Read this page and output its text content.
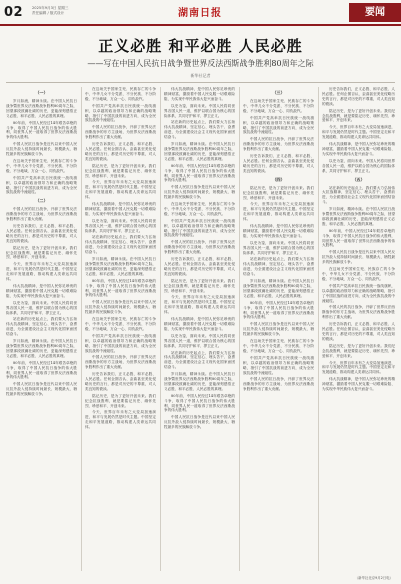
02 2025年9月3日 星期三
责任编辑 / 版式设计	湖南日报	要闻
正义必胜 和平必胜 人民必胜
——写在中国人民抗日战争暨世界反法西斯战争胜利80周年之际
新华社记者

（一）

岁月如流，精神永续。在中国人民抗日战争暨世界反法西斯战争胜利80周年之际，回望那段波澜壮阔的历史，更能深刻感悟正义必胜、和平必胜、人民必胜的真理。

80年前，中国人民经过14年艰苦卓绝的斗争，取得了中国人民抗日战争的伟大胜利，同世界人民一道取得了世界反法西斯战争的伟大胜利。

中国人民抗日战争是近代以来中国人民反抗外敌入侵持续时间最长、规模最大、牺牲最多的民族解放斗争。

在这场关乎国家生死、民族存亡的斗争中，中华儿女不分党派、不分民族、不分阶级、不分地域，万众一心、同仇敌忾。

中国共产党高举抗日民族统一战线旗帜，以卓越的政治领导力和正确的战略策略，指引了中国抗战的前进方向，成为全民族抗战的中流砥柱。

（二）

中国人民的抗日战争，开辟了世界反法西斯战争的东方主战场，为世界反法西斯战争胜利作出了重大贡献。

历史告诉我们，正义必胜、和平必胜、人民必胜。任何企图否认、歪曲甚至美化侵略历史的言行，都是对历史的不尊重，对人类良知的亵渎。

铭记历史，是为了更好开创未来。我们纪念抗战胜利，就是要铭记历史、缅怀先烈、珍爱和平、开创未来。

今天，世界百年未有之大变局加速演进，和平与发展仍然是时代主题。中国坚定走和平发展道路，推动构建人类命运共同体。

伟大抗战精神，是中国人民弥足珍贵的精神财富，激励着中国人民克服一切艰难险阻、为实现中华民族伟大复兴而奋斗。

以史为鉴，面向未来。中国人民将同世界各国人民一道，维护以联合国为核心的国际体系，共同守护和平、捍卫正义。

站在新的历史起点上，我们要大力弘扬伟大抗战精神，坚定信心、埋头苦干、奋勇前进，为全面建设社会主义现代化国家而团结奋斗。

岁月如流，精神永续。在中国人民抗日战争暨世界反法西斯战争胜利80周年之际，回望那段波澜壮阔的历史，更能深刻感悟正义必胜、和平必胜、人民必胜的真理。

80年前，中国人民经过14年艰苦卓绝的斗争，取得了中国人民抗日战争的伟大胜利，同世界人民一道取得了世界反法西斯战争的伟大胜利。

中国人民抗日战争是近代以来中国人民反抗外敌入侵持续时间最长、规模最大、牺牲最多的民族解放斗争。

在这场关乎国家生死、民族存亡的斗争中，中华儿女不分党派、不分民族、不分阶级、不分地域，万众一心、同仇敌忾。

中国共产党高举抗日民族统一战线旗帜，以卓越的政治领导力和正确的战略策略，指引了中国抗战的前进方向，成为全民族抗战的中流砥柱。

中国人民的抗日战争，开辟了世界反法西斯战争的东方主战场，为世界反法西斯战争胜利作出了重大贡献。

历史告诉我们，正义必胜、和平必胜、人民必胜。任何企图否认、歪曲甚至美化侵略历史的言行，都是对历史的不尊重，对人类良知的亵渎。

铭记历史，是为了更好开创未来。我们纪念抗战胜利，就是要铭记历史、缅怀先烈、珍爱和平、开创未来。

今天，世界百年未有之大变局加速演进，和平与发展仍然是时代主题。中国坚定走和平发展道路，推动构建人类命运共同体。

伟大抗战精神，是中国人民弥足珍贵的精神财富，激励着中国人民克服一切艰难险阻、为实现中华民族伟大复兴而奋斗。

以史为鉴，面向未来。中国人民将同世界各国人民一道，维护以联合国为核心的国际体系，共同守护和平、捍卫正义。

站在新的历史起点上，我们要大力弘扬伟大抗战精神，坚定信心、埋头苦干、奋勇前进，为全面建设社会主义现代化国家而团结奋斗。

岁月如流，精神永续。在中国人民抗日战争暨世界反法西斯战争胜利80周年之际，回望那段波澜壮阔的历史，更能深刻感悟正义必胜、和平必胜、人民必胜的真理。

80年前，中国人民经过14年艰苦卓绝的斗争，取得了中国人民抗日战争的伟大胜利，同世界人民一道取得了世界反法西斯战争的伟大胜利。

中国人民抗日战争是近代以来中国人民反抗外敌入侵持续时间最长、规模最大、牺牲最多的民族解放斗争。

在这场关乎国家生死、民族存亡的斗争中，中华儿女不分党派、不分民族、不分阶级、不分地域，万众一心、同仇敌忾。

中国共产党高举抗日民族统一战线旗帜，以卓越的政治领导力和正确的战略策略，指引了中国抗战的前进方向，成为全民族抗战的中流砥柱。

中国人民的抗日战争，开辟了世界反法西斯战争的东方主战场，为世界反法西斯战争胜利作出了重大贡献。

历史告诉我们，正义必胜、和平必胜、人民必胜。任何企图否认、歪曲甚至美化侵略历史的言行，都是对历史的不尊重，对人类良知的亵渎。

铭记历史，是为了更好开创未来。我们纪念抗战胜利，就是要铭记历史、缅怀先烈、珍爱和平、开创未来。

今天，世界百年未有之大变局加速演进，和平与发展仍然是时代主题。中国坚定走和平发展道路，推动构建人类命运共同体。

伟大抗战精神，是中国人民弥足珍贵的精神财富，激励着中国人民克服一切艰难险阻、为实现中华民族伟大复兴而奋斗。

以史为鉴，面向未来。中国人民将同世界各国人民一道，维护以联合国为核心的国际体系，共同守护和平、捍卫正义。

站在新的历史起点上，我们要大力弘扬伟大抗战精神，坚定信心、埋头苦干、奋勇前进，为全面建设社会主义现代化国家而团结奋斗。

岁月如流，精神永续。在中国人民抗日战争暨世界反法西斯战争胜利80周年之际，回望那段波澜壮阔的历史，更能深刻感悟正义必胜、和平必胜、人民必胜的真理。

80年前，中国人民经过14年艰苦卓绝的斗争，取得了中国人民抗日战争的伟大胜利，同世界人民一道取得了世界反法西斯战争的伟大胜利。

中国人民抗日战争是近代以来中国人民反抗外敌入侵持续时间最长、规模最大、牺牲最多的民族解放斗争。

在这场关乎国家生死、民族存亡的斗争中，中华儿女不分党派、不分民族、不分阶级、不分地域，万众一心、同仇敌忾。

中国共产党高举抗日民族统一战线旗帜，以卓越的政治领导力和正确的战略策略，指引了中国抗战的前进方向，成为全民族抗战的中流砥柱。

中国人民的抗日战争，开辟了世界反法西斯战争的东方主战场，为世界反法西斯战争胜利作出了重大贡献。

历史告诉我们，正义必胜、和平必胜、人民必胜。任何企图否认、歪曲甚至美化侵略历史的言行，都是对历史的不尊重，对人类良知的亵渎。

铭记历史，是为了更好开创未来。我们纪念抗战胜利，就是要铭记历史、缅怀先烈、珍爱和平、开创未来。

今天，世界百年未有之大变局加速演进，和平与发展仍然是时代主题。中国坚定走和平发展道路，推动构建人类命运共同体。

伟大抗战精神，是中国人民弥足珍贵的精神财富，激励着中国人民克服一切艰难险阻、为实现中华民族伟大复兴而奋斗。

以史为鉴，面向未来。中国人民将同世界各国人民一道，维护以联合国为核心的国际体系，共同守护和平、捍卫正义。

站在新的历史起点上，我们要大力弘扬伟大抗战精神，坚定信心、埋头苦干、奋勇前进，为全面建设社会主义现代化国家而团结奋斗。

岁月如流，精神永续。在中国人民抗日战争暨世界反法西斯战争胜利80周年之际，回望那段波澜壮阔的历史，更能深刻感悟正义必胜、和平必胜、人民必胜的真理。

80年前，中国人民经过14年艰苦卓绝的斗争，取得了中国人民抗日战争的伟大胜利，同世界人民一道取得了世界反法西斯战争的伟大胜利。

中国人民抗日战争是近代以来中国人民反抗外敌入侵持续时间最长、规模最大、牺牲最多的民族解放斗争。

（三）

在这场关乎国家生死、民族存亡的斗争中，中华儿女不分党派、不分民族、不分阶级、不分地域，万众一心、同仇敌忾。

中国共产党高举抗日民族统一战线旗帜，以卓越的政治领导力和正确的战略策略，指引了中国抗战的前进方向，成为全民族抗战的中流砥柱。

中国人民的抗日战争，开辟了世界反法西斯战争的东方主战场，为世界反法西斯战争胜利作出了重大贡献。

历史告诉我们，正义必胜、和平必胜、人民必胜。任何企图否认、歪曲甚至美化侵略历史的言行，都是对历史的不尊重，对人类良知的亵渎。

（四）

铭记历史，是为了更好开创未来。我们纪念抗战胜利，就是要铭记历史、缅怀先烈、珍爱和平、开创未来。

今天，世界百年未有之大变局加速演进，和平与发展仍然是时代主题。中国坚定走和平发展道路，推动构建人类命运共同体。

伟大抗战精神，是中国人民弥足珍贵的精神财富，激励着中国人民克服一切艰难险阻、为实现中华民族伟大复兴而奋斗。

以史为鉴，面向未来。中国人民将同世界各国人民一道，维护以联合国为核心的国际体系，共同守护和平、捍卫正义。

站在新的历史起点上，我们要大力弘扬伟大抗战精神，坚定信心、埋头苦干、奋勇前进，为全面建设社会主义现代化国家而团结奋斗。

岁月如流，精神永续。在中国人民抗日战争暨世界反法西斯战争胜利80周年之际，回望那段波澜壮阔的历史，更能深刻感悟正义必胜、和平必胜、人民必胜的真理。

80年前，中国人民经过14年艰苦卓绝的斗争，取得了中国人民抗日战争的伟大胜利，同世界人民一道取得了世界反法西斯战争的伟大胜利。

中国人民抗日战争是近代以来中国人民反抗外敌入侵持续时间最长、规模最大、牺牲最多的民族解放斗争。

在这场关乎国家生死、民族存亡的斗争中，中华儿女不分党派、不分民族、不分阶级、不分地域，万众一心、同仇敌忾。

中国共产党高举抗日民族统一战线旗帜，以卓越的政治领导力和正确的战略策略，指引了中国抗战的前进方向，成为全民族抗战的中流砥柱。

中国人民的抗日战争，开辟了世界反法西斯战争的东方主战场，为世界反法西斯战争胜利作出了重大贡献。

历史告诉我们，正义必胜、和平必胜、人民必胜。任何企图否认、歪曲甚至美化侵略历史的言行，都是对历史的不尊重，对人类良知的亵渎。

铭记历史，是为了更好开创未来。我们纪念抗战胜利，就是要铭记历史、缅怀先烈、珍爱和平、开创未来。

今天，世界百年未有之大变局加速演进，和平与发展仍然是时代主题。中国坚定走和平发展道路，推动构建人类命运共同体。

伟大抗战精神，是中国人民弥足珍贵的精神财富，激励着中国人民克服一切艰难险阻、为实现中华民族伟大复兴而奋斗。

以史为鉴，面向未来。中国人民将同世界各国人民一道，维护以联合国为核心的国际体系，共同守护和平、捍卫正义。

（五）

站在新的历史起点上，我们要大力弘扬伟大抗战精神，坚定信心、埋头苦干、奋勇前进，为全面建设社会主义现代化国家而团结奋斗。

岁月如流，精神永续。在中国人民抗日战争暨世界反法西斯战争胜利80周年之际，回望那段波澜壮阔的历史，更能深刻感悟正义必胜、和平必胜、人民必胜的真理。

80年前，中国人民经过14年艰苦卓绝的斗争，取得了中国人民抗日战争的伟大胜利，同世界人民一道取得了世界反法西斯战争的伟大胜利。

中国人民抗日战争是近代以来中国人民反抗外敌入侵持续时间最长、规模最大、牺牲最多的民族解放斗争。

在这场关乎国家生死、民族存亡的斗争中，中华儿女不分党派、不分民族、不分阶级、不分地域，万众一心、同仇敌忾。

中国共产党高举抗日民族统一战线旗帜，以卓越的政治领导力和正确的战略策略，指引了中国抗战的前进方向，成为全民族抗战的中流砥柱。

中国人民的抗日战争，开辟了世界反法西斯战争的东方主战场，为世界反法西斯战争胜利作出了重大贡献。

历史告诉我们，正义必胜、和平必胜、人民必胜。任何企图否认、歪曲甚至美化侵略历史的言行，都是对历史的不尊重，对人类良知的亵渎。

铭记历史，是为了更好开创未来。我们纪念抗战胜利，就是要铭记历史、缅怀先烈、珍爱和平、开创未来。

今天，世界百年未有之大变局加速演进，和平与发展仍然是时代主题。中国坚定走和平发展道路，推动构建人类命运共同体。

伟大抗战精神，是中国人民弥足珍贵的精神财富，激励着中国人民克服一切艰难险阻、为实现中华民族伟大复兴而奋斗。

（新华社北京9月2日电）
